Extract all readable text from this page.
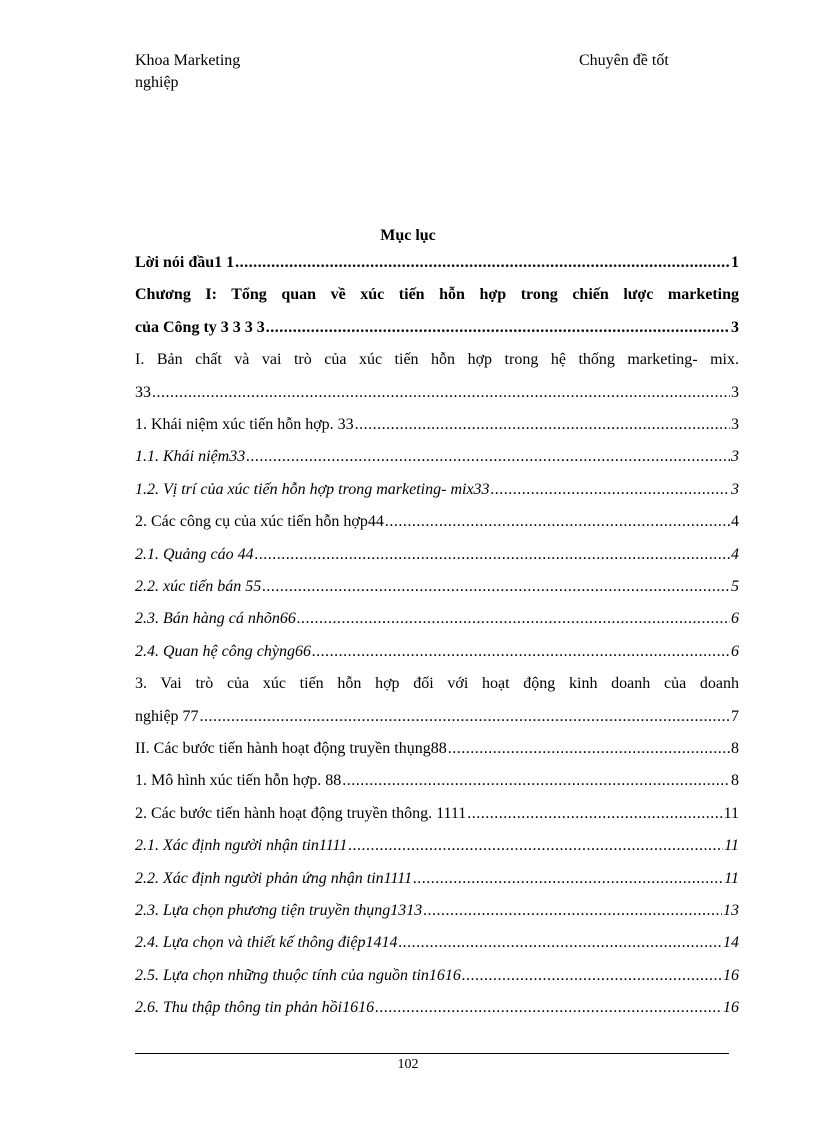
Khoa Marketing
nghiệp
Chuyên đề tốt
Mục lục
Lời nói đầu1 1 .....	1
Chương I: Tổng quan về xúc tiến hỗn hợp trong chiến lược marketing
của Công ty 3 3 3 3 .....	3
I. Bản chất và vai trò của xúc tiến hỗn hợp trong hệ thống marketing- mix.
33 .....	3
1. Khái niệm xúc tiến hỗn hợp. 33 .....	3
1.1. Khái niệm33 .....	3
1.2. Vị trí của xúc tiến hỗn hợp trong marketing- mix33 .....	3
2. Các công cụ của xúc tiến hỗn hợp44 .....	4
2.1. Quảng cáo 44 .....	4
2.2. xúc tiến bán 55 .....	5
2.3. Bán hàng cá nhõn66 .....	6
2.4. Quan hệ công chỳng66 .....	6
3. Vai trò của xúc tiến hỗn hợp đối với hoạt động kinh doanh của doanh
nghiệp 77 .....	7
II. Các bước tiến hành hoạt động truyền thụng88 .....	8
1. Mô hình xúc tiến hỗn hợp. 88 .....	8
2. Các bước tiến hành hoạt động truyền thông. 1111 .....	11
2.1. Xác định người nhận tin1111 .....	11
2.2. Xác định người phản ứng nhận tin1111 .....	11
2.3. Lựa chọn phương tiện truyền thụng1313 .....	13
2.4. Lựa chọn và thiết kế thông điệp1414 .....	14
2.5. Lựa chọn những thuộc tính của nguồn tin1616 .....	16
2.6. Thu thập thông tin phản hồi1616 .....	16
102
